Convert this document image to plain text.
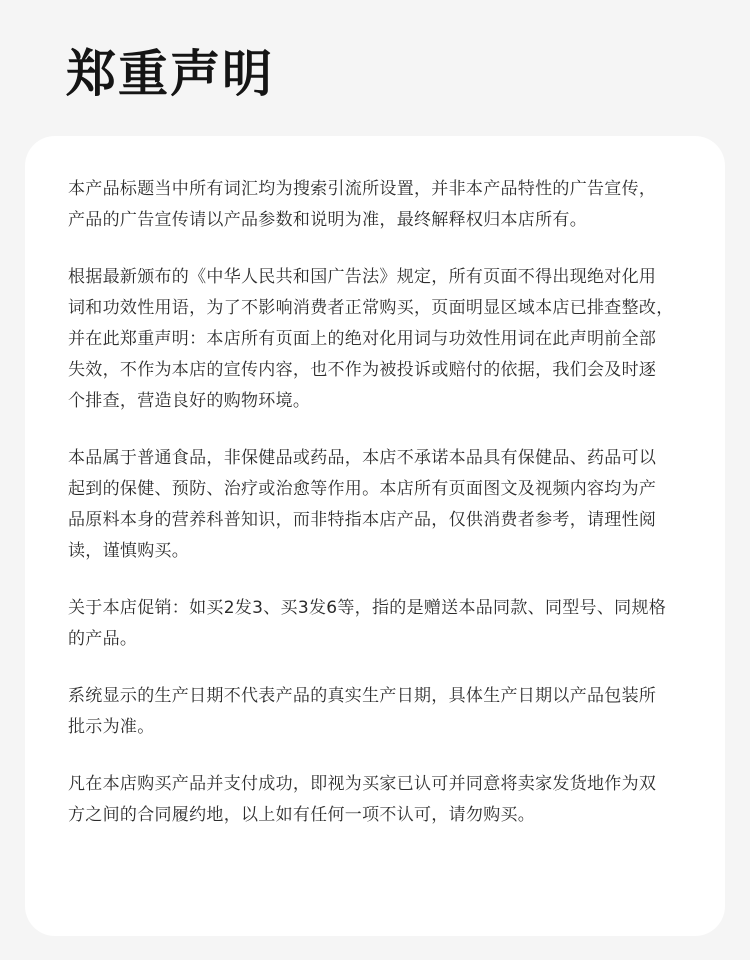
郑重声明

本产品标题当中所有词汇均为搜索引流所设置，并非本产品特性的广告宣传，
产品的广告宣传请以产品参数和说明为准，最终解释权归本店所有。

根据最新颁布的《中华人民共和国广告法》规定，所有页面不得出现绝对化用
词和功效性用语，为了不影响消费者正常购买，页面明显区域本店已排查整改，
并在此郑重声明：本店所有页面上的绝对化用词与功效性用词在此声明前全部
失效，不作为本店的宣传内容，也不作为被投诉或赔付的依据，我们会及时逐
个排查，营造良好的购物环境。

本品属于普通食品，非保健品或药品，本店不承诺本品具有保健品、药品可以
起到的保健、预防、治疗或治愈等作用。本店所有页面图文及视频内容均为产
品原料本身的营养科普知识，而非特指本店产品，仅供消费者参考，请理性阅
读，谨慎购买。

关于本店促销：如买2发3、买3发6等，指的是赠送本品同款、同型号、同规格
的产品。

系统显示的生产日期不代表产品的真实生产日期，具体生产日期以产品包装所
批示为准。

凡在本店购买产品并支付成功，即视为买家已认可并同意将卖家发货地作为双
方之间的合同履约地，以上如有任何一项不认可，请勿购买。
